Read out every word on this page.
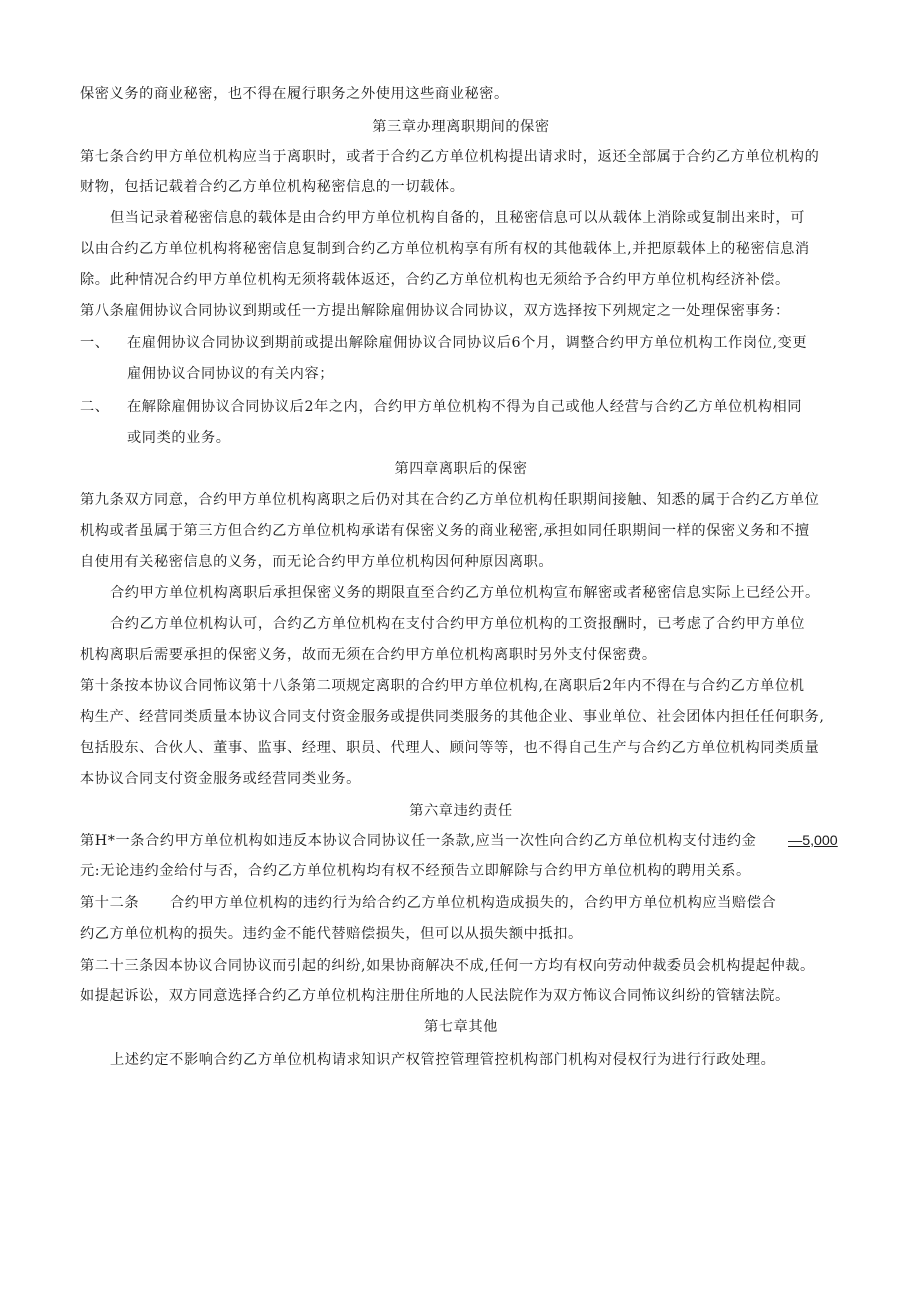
保密义务的商业秘密，也不得在履行职务之外使用这些商业秘密。
第三章办理离职期间的保密
第七条合约甲方单位机构应当于离职时，或者于合约乙方单位机构提出请求时，返还全部属于合约乙方单位机构的
财物，包括记载着合约乙方单位机构秘密信息的一切载体。
但当记录着秘密信息的载体是由合约甲方单位机构自备的，且秘密信息可以从载体上消除或复制出来时，可
以由合约乙方单位机构将秘密信息复制到合约乙方单位机构享有所有权的其他载体上,并把原载体上的秘密信息消
除。此种情况合约甲方单位机构无须将载体返还，合约乙方单位机构也无须给予合约甲方单位机构经济补偿。
第八条雇佣协议合同协议到期或任一方提出解除雇佣协议合同协议，双方选择按下列规定之一处理保密事务：
一、	在雇佣协议合同协议到期前或提出解除雇佣协议合同协议后6个月，调整合约甲方单位机构工作岗位,变更
雇佣协议合同协议的有关内容；
二、	在解除雇佣协议合同协议后2年之内，合约甲方单位机构不得为自己或他人经营与合约乙方单位机构相同
或同类的业务。
第四章离职后的保密
第九条双方同意，合约甲方单位机构离职之后仍对其在合约乙方单位机构任职期间接触、知悉的属于合约乙方单位
机构或者虽属于第三方但合约乙方单位机构承诺有保密义务的商业秘密,承担如同任职期间一样的保密义务和不擅
自使用有关秘密信息的义务，而无论合约甲方单位机构因何种原因离职。
合约甲方单位机构离职后承担保密义务的期限直至合约乙方单位机构宣布解密或者秘密信息实际上已经公开。
合约乙方单位机构认可，合约乙方单位机构在支付合约甲方单位机构的工资报酬时，已考虑了合约甲方单位
机构离职后需要承担的保密义务，故而无须在合约甲方单位机构离职时另外支付保密费。
第十条按本协议合同怖议第十八条第二项规定离职的合约甲方单位机构,在离职后2年内不得在与合约乙方单位机
构生产、经营同类质量本协议合同支付资金服务或提供同类服务的其他企业、事业单位、社会团体内担任任何职务,
包括股东、合伙人、董事、监事、经理、职员、代理人、顾问等等，也不得自己生产与合约乙方单位机构同类质量
本协议合同支付资金服务或经营同类业务。
第六章违约责任
第H*一条合约甲方单位机构如违反本协议合同协议任一条款,应当一次性向合约乙方单位机构支付违约金	—5,000
元:无论违约金给付与否，合约乙方单位机构均有权不经预告立即解除与合约甲方单位机构的聘用关系。
第十二条	合约甲方单位机构的违约行为给合约乙方单位机构造成损失的，合约甲方单位机构应当赔偿合
约乙方单位机构的损失。违约金不能代替赔偿损失，但可以从损失额中抵扣。
第二十三条因本协议合同协议而引起的纠纷,如果协商解决不成,任何一方均有权向劳动仲裁委员会机构提起仲裁。
如提起诉讼，双方同意选择合约乙方单位机构注册住所地的人民法院作为双方怖议合同怖议纠纷的管辖法院。
第七章其他
上述约定不影响合约乙方单位机构请求知识产权管控管理管控机构部门机构对侵权行为进行行政处理。
